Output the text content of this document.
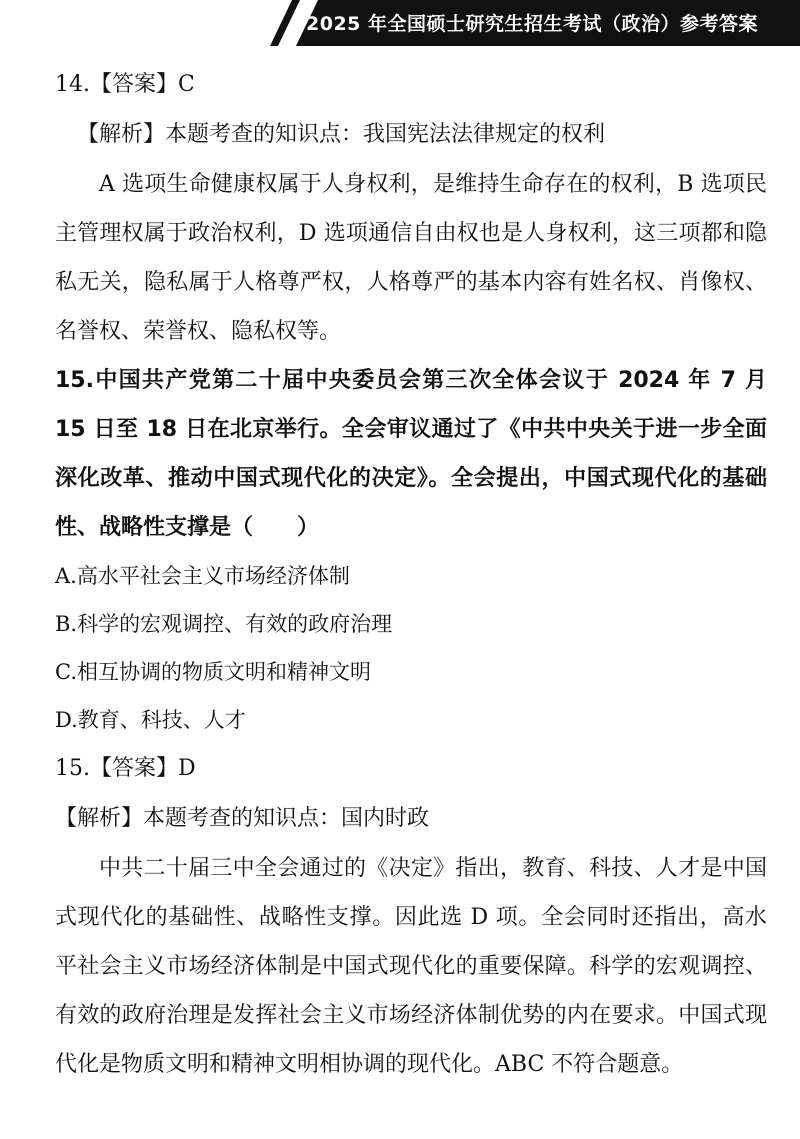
2025 年全国硕士研究生招生考试（政治）参考答案
14.【答案】C
【解析】本题考查的知识点：我国宪法法律规定的权利

A 选项生命健康权属于人身权利，是维持生命存在的权利，B 选项民主管理权属于政治权利，D 选项通信自由权也是人身权利，这三项都和隐私无关，隐私属于人格尊严权，人格尊严的基本内容有姓名权、肖像权、名誉权、荣誉权、隐私权等。

15.中国共产党第二十届中央委员会第三次全体会议于 2024 年 7 月 15 日至 18 日在北京举行。全会审议通过了《中共中央关于进一步全面深化改革、推动中国式现代化的决定》。全会提出，中国式现代化的基础性、战略性支撑是（　　）

A.高水平社会主义市场经济体制
B.科学的宏观调控、有效的政府治理
C.相互协调的物质文明和精神文明
D.教育、科技、人才
15.【答案】D
【解析】本题考查的知识点：国内时政

中共二十届三中全会通过的《决定》指出，教育、科技、人才是中国式现代化的基础性、战略性支撑。因此选 D 项。全会同时还指出，高水平社会主义市场经济体制是中国式现代化的重要保障。科学的宏观调控、有效的政府治理是发挥社会主义市场经济体制优势的内在要求。中国式现代化是物质文明和精神文明相协调的现代化。ABC 不符合题意。
